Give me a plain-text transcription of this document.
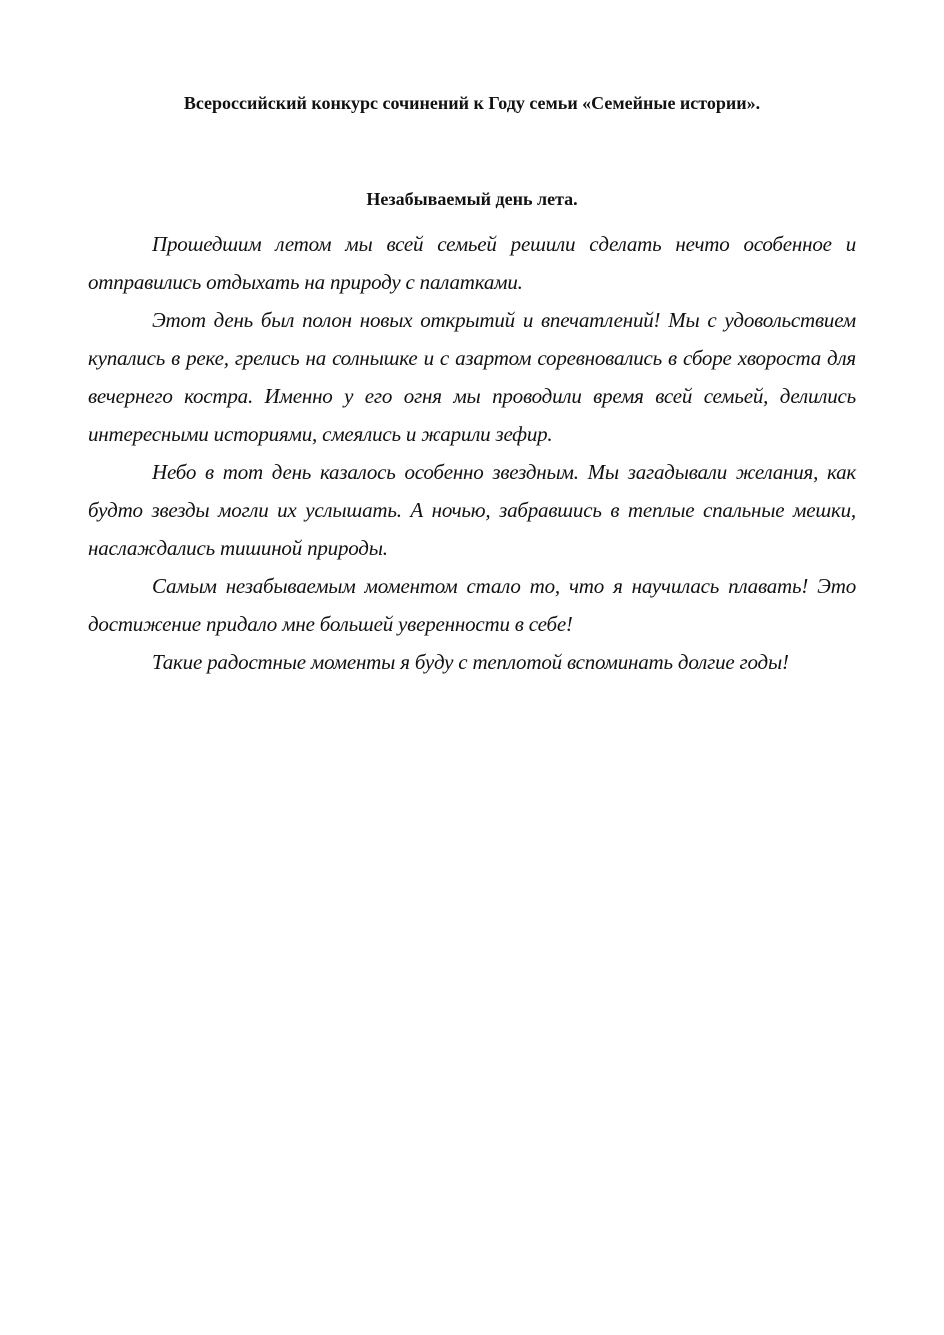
Всероссийский конкурс сочинений к Году семьи «Семейные истории».
Незабываемый день лета.

Прошедшим летом мы всей семьей решили сделать нечто особенное и отправились отдыхать на природу с палатками.

Этот день был полон новых открытий и впечатлений! Мы с удовольствием купались в реке, грелись на солнышке и с азартом соревновались в сборе хвороста для вечернего костра. Именно у его огня мы проводили время всей семьей, делились интересными историями, смеялись и жарили зефир.

Небо в тот день казалось особенно звездным. Мы загадывали желания, как будто звезды могли их услышать. А ночью, забравшись в теплые спальные мешки, наслаждались тишиной природы.

Самым незабываемым моментом стало то, что я научилась плавать! Это достижение придало мне большей уверенности в себе!

Такие радостные моменты я буду с теплотой вспоминать долгие годы!
